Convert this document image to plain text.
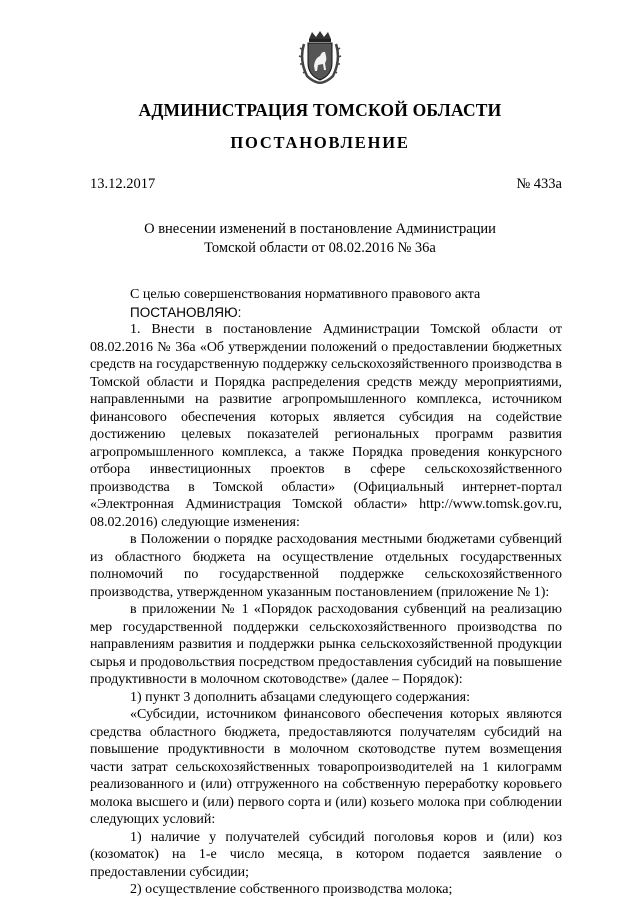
АДМИНИСТРАЦИЯ ТОМСКОЙ ОБЛАСТИ
ПОСТАНОВЛЕНИЕ
13.12.2017	№ 433а
О внесении изменений в постановление Администрации
Томской области от 08.02.2016 № 36а

С целью совершенствования нормативного правового акта

ПОСТАНОВЛЯЮ:

1. Внести в постановление Администрации Томской области от 08.02.2016 № 36а «Об утверждении положений о предоставлении бюджетных средств на государственную поддержку сельскохозяйственного производства в Томской области и Порядка распределения средств между мероприятиями, направленными на развитие агропромышленного комплекса, источником финансового обеспечения которых является субсидия на содействие достижению целевых показателей региональных программ развития агропромышленного комплекса, а также Порядка проведения конкурсного отбора инвестиционных проектов в сфере сельскохозяйственного производства в Томской области» (Официальный интернет-портал «Электронная Администрация Томской области» http://www.tomsk.gov.ru, 08.02.2016) следующие изменения:

в Положении о порядке расходования местными бюджетами субвенций из областного бюджета на осуществление отдельных государственных полномочий по государственной поддержке сельскохозяйственного производства, утвержденном указанным постановлением (приложение № 1):

в приложении № 1 «Порядок расходования субвенций на реализацию мер государственной поддержки сельскохозяйственного производства по направлениям развития и поддержки рынка сельскохозяйственной продукции сырья и продовольствия посредством предоставления субсидий на повышение продуктивности в молочном скотоводстве» (далее – Порядок):

1) пункт 3 дополнить абзацами следующего содержания:

«Субсидии, источником финансового обеспечения которых являются средства областного бюджета, предоставляются получателям субсидий на повышение продуктивности в молочном скотоводстве путем возмещения части затрат сельскохозяйственных товаропроизводителей на 1 килограмм реализованного и (или) отгруженного на собственную переработку коровьего молока высшего и (или) первого сорта и (или) козьего молока при соблюдении следующих условий:

1) наличие у получателей субсидий поголовья коров и (или) коз (козоматок) на 1-е число месяца, в котором подается заявление о предоставлении субсидии;

2) осуществление собственного производства молока;
